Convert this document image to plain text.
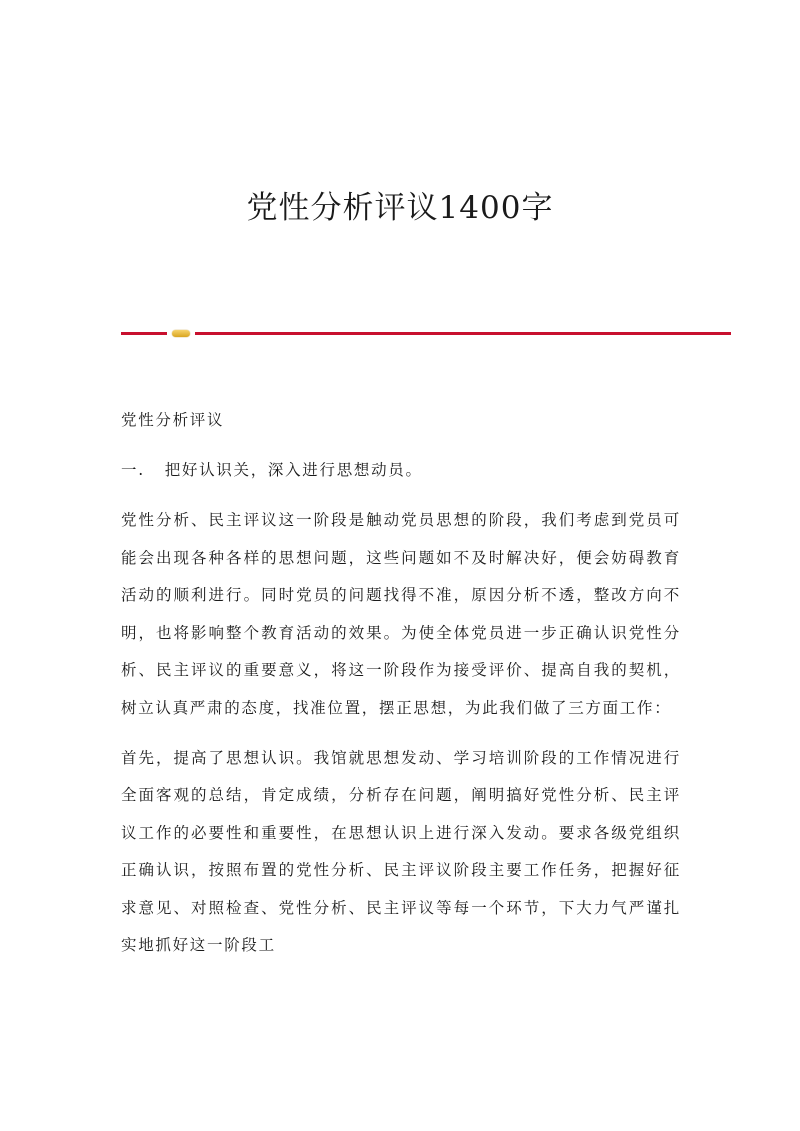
党性分析评议1400字

党性分析评议

一.   把好认识关，深入进行思想动员。

党性分析、民主评议这一阶段是触动党员思想的阶段，我们考虑到党员可能会出现各种各样的思想问题，这些问题如不及时解决好，便会妨碍教育活动的顺利进行。同时党员的问题找得不准，原因分析不透，整改方向不明，也将影响整个教育活动的效果。为使全体党员进一步正确认识党性分析、民主评议的重要意义，将这一阶段作为接受评价、提高自我的契机，树立认真严肃的态度，找准位置，摆正思想，为此我们做了三方面工作：

首先，提高了思想认识。我馆就思想发动、学习培训阶段的工作情况进行全面客观的总结，肯定成绩，分析存在问题，阐明搞好党性分析、民主评议工作的必要性和重要性，在思想认识上进行深入发动。要求各级党组织正确认识，按照布置的党性分析、民主评议阶段主要工作任务，把握好征求意见、对照检查、党性分析、民主评议等每一个环节，下大力气严谨扎实地抓好这一阶段工
